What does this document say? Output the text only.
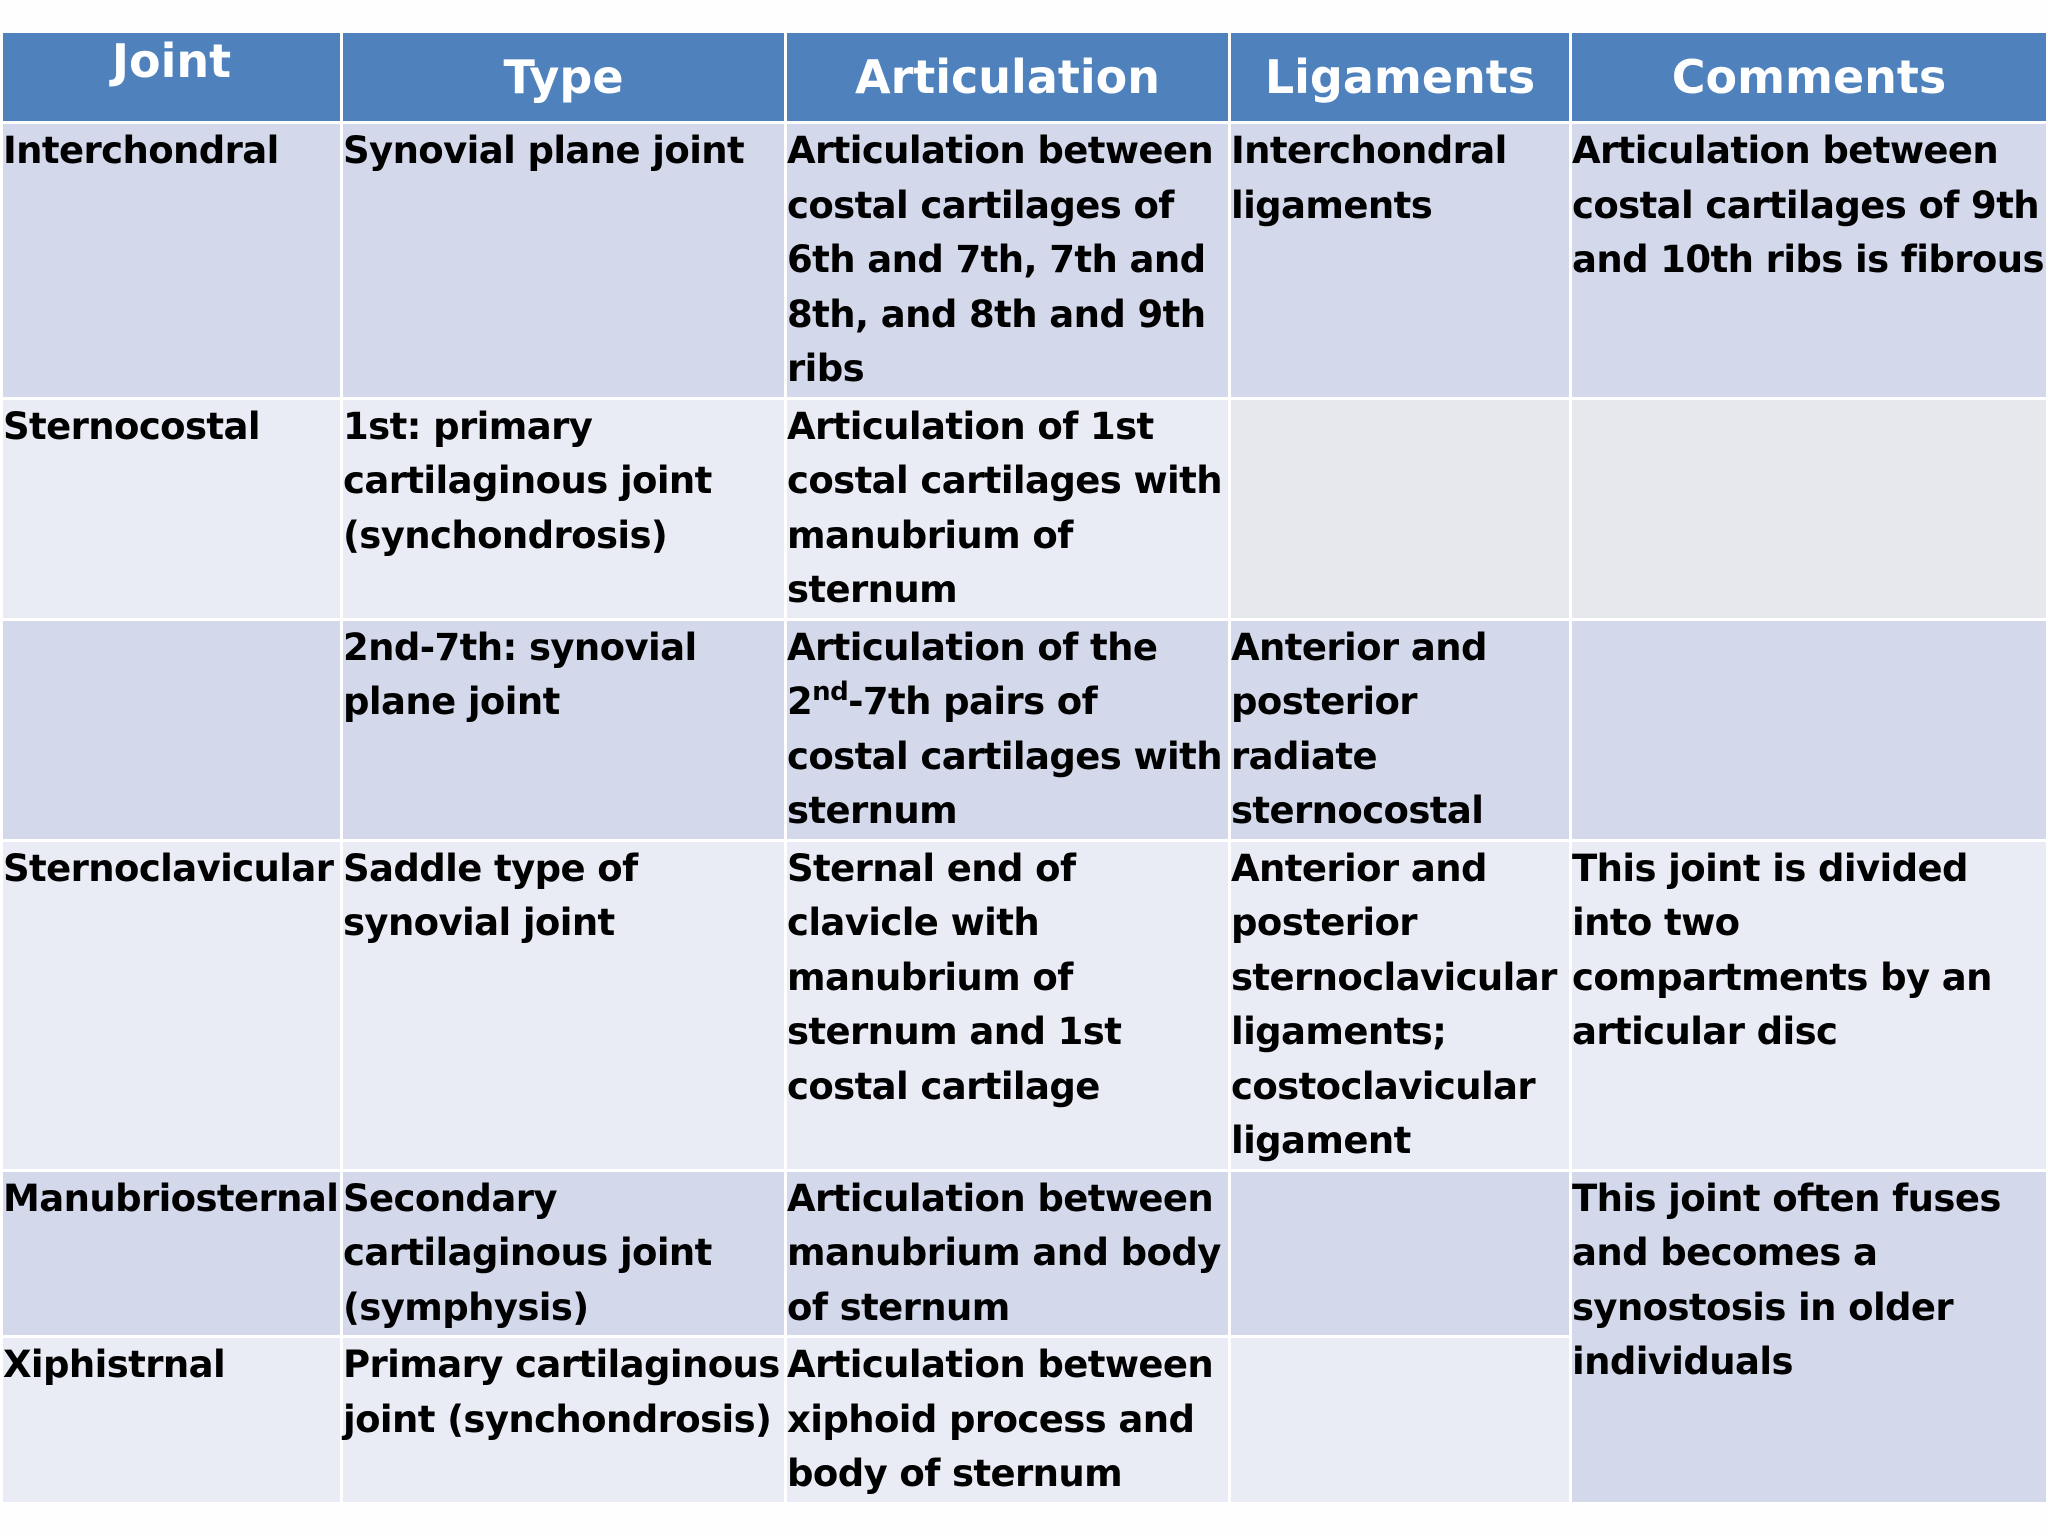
Joint	Type	Articulation	Ligaments	Comments
Interchondral	Synovial plane joint	Articulation between costal cartilages of 6th and 7th, 7th and 8th, and 8th and 9th ribs	Interchondral ligaments	Articulation between costal cartilages of 9th and 10th ribs is fibrous
Sternocostal	1st: primary cartilaginous joint (synchondrosis)	Articulation of 1st costal cartilages with manubrium of sternum		
	2nd-7th: synovial plane joint	Articulation of the 2nd-7th pairs of costal cartilages with sternum	Anterior and posterior radiate sternocostal	
Sternoclavicular	Saddle type of synovial joint	Sternal end of clavicle with manubrium of sternum and 1st costal cartilage	Anterior and posterior sternoclavicular ligaments; costoclavicular ligament	This joint is divided into two compartments by an articular disc
Manubriosternal	Secondary cartilaginous joint (symphysis)	Articulation between manubrium and body of sternum		This joint often fuses and becomes a synostosis in older individuals
Xiphistrnal	Primary cartilaginous joint (synchondrosis)	Articulation between xiphoid process and body of sternum		
